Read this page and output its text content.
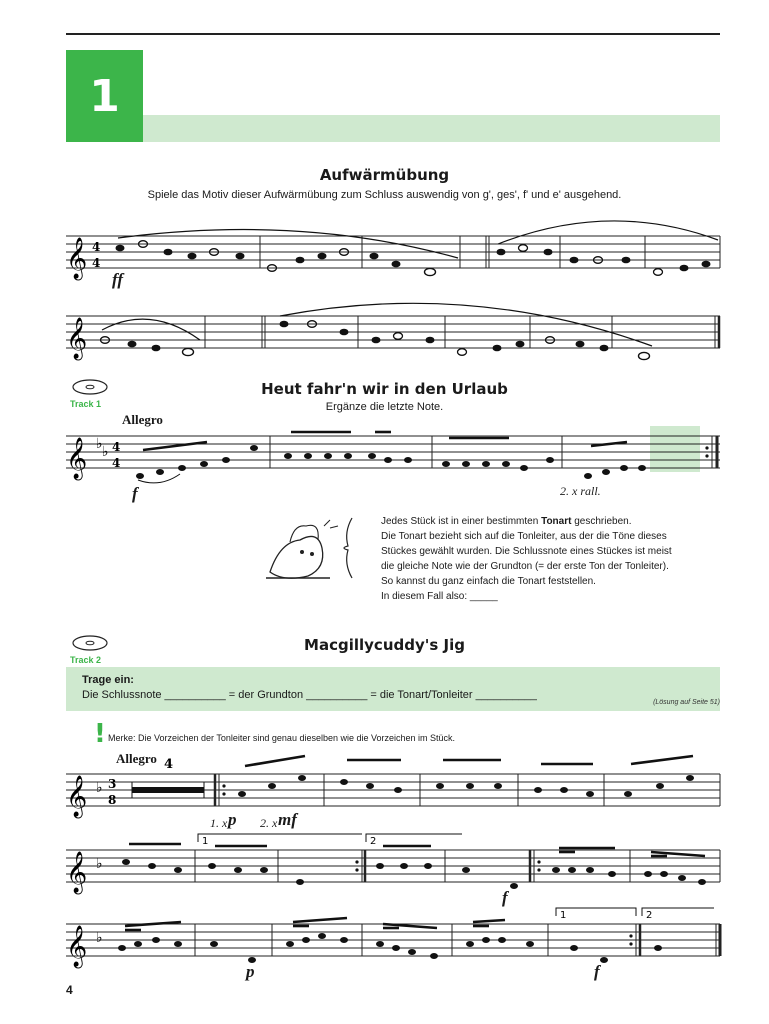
1
Aufwärmübung
Spiele das Motiv dieser Aufwärmübung zum Schluss auswendig von g', ges', f' und e' ausgehend.
𝄞 4
4
ff
𝄞
Track 1
Heut fahr'n wir in den Urlaub
Ergänze die letzte Note.
Allegro
𝄞 ♭ ♭ 4
4
f	2. x rall.

Jedes Stück ist in einer bestimmten Tonart geschrieben.

Die Tonart bezieht sich auf die Tonleiter, aus der die Töne dieses

Stückes gewählt wurden. Die Schlussnote eines Stückes ist meist

die gleiche Note wie der Grundton (= der erste Ton der Tonleiter).

So kannst du ganz einfach die Tonart feststellen.

In diesem Fall also: _____

Track 2
Macgillycuddy's Jig
Trage ein:
Die Schlussnote __________ = der Grundton __________ = die Tonart/Tonleiter __________
(Lösung auf Seite 51)
! Merke: Die Vorzeichen der Tonleiter sind genau dieselben wie die Vorzeichen im Stück.
Allegro
𝄞 ♭ 3
8
4
1. x p 2. x mf
1	2
𝄞 ♭
f
1	2
𝄞 ♭
p	f
4
